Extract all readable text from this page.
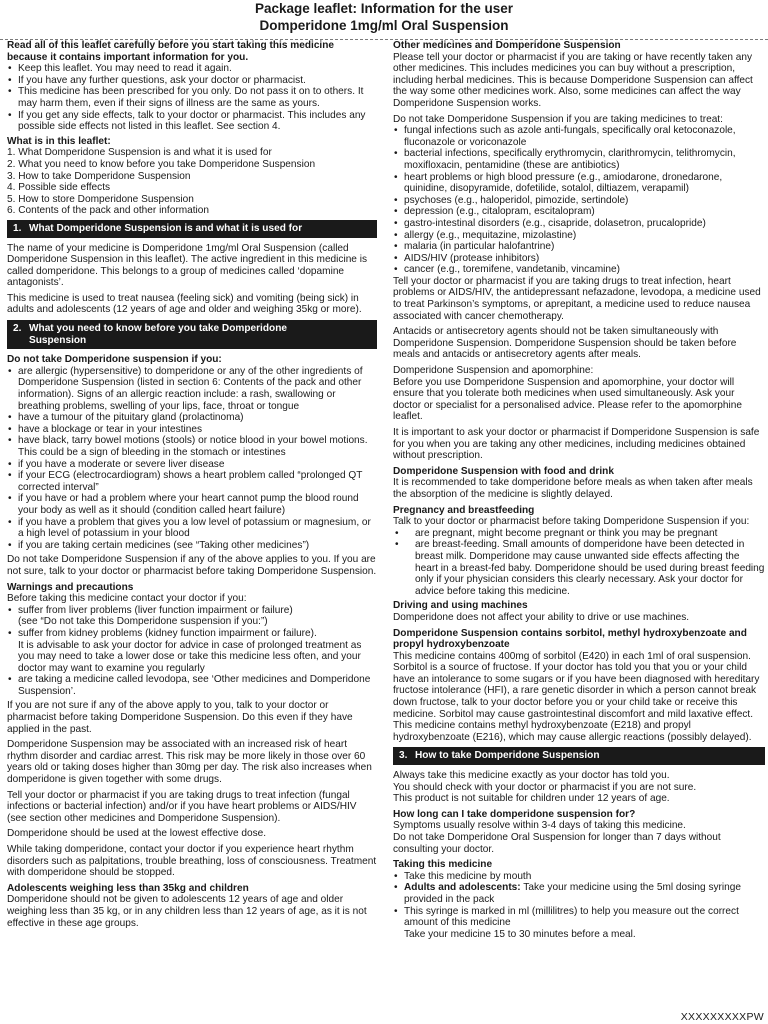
Package leaflet: Information for the user
Domperidone 1mg/ml Oral Suspension

Read all of this leaflet carefully before you start taking this medicine because it contains important information for you.

• Keep this leaflet. You may need to read it again.
• If you have any further questions, ask your doctor or pharmacist.
• This medicine has been prescribed for you only. Do not pass it on to others. It may harm them, even if their signs of illness are the same as yours.
• If you get any side effects, talk to your doctor or pharmacist. This includes any possible side effects not listed in this leaflet. See section 4.
What is in this leaflet:
1. What Domperidone Suspension is and what it is used for
2. What you need to know before you take Domperidone Suspension
3. How to take Domperidone Suspension
4. Possible side effects
5. How to store Domperidone Suspension
6. Contents of the pack and other information
1. What Domperidone Suspension is and what it is used for

The name of your medicine is Domperidone 1mg/ml Oral Suspension (called Domperidone Suspension in this leaflet). The active ingredient in this medicine is called domperidone. This belongs to a group of medicines called ‘dopamine antagonists’.

This medicine is used to treat nausea (feeling sick) and vomiting (being sick) in adults and adolescents (12 years of age and older and weighing 35kg or more).

2. What you need to know before you take Domperidone
Suspension
Do not take Domperidone suspension if you:
• are allergic (hypersensitive) to domperidone or any of the other ingredients of Domperidone Suspension (listed in section 6: Contents of the pack and other information). Signs of an allergic reaction include: a rash, swallowing or breathing problems, swelling of your lips, face, throat or tongue
• have a tumour of the pituitary gland (prolactinoma)
• have a blockage or tear in your intestines
• have black, tarry bowel motions (stools) or notice blood in your bowel motions. This could be a sign of bleeding in the stomach or intestines
• if you have a moderate or severe liver disease
• if your ECG (electrocardiogram) shows a heart problem called “prolonged QT corrected interval”
• if you have or had a problem where your heart cannot pump the blood round your body as well as it should (condition called heart failure)
• if you have a problem that gives you a low level of potassium or magnesium, or a high level of potassium in your blood
• if you are taking certain medicines (see “Taking other medicines”)

Do not take Domperidone Suspension if any of the above applies to you. If you are not sure, talk to your doctor or pharmacist before taking Domperidone Suspension.

Warnings and precautions
Before taking this medicine contact your doctor if you:
• suffer from liver problems (liver function impairment or failure)
(see “Do not take this Domperidone suspension if you:”)
• suffer from kidney problems (kidney function impairment or failure).
It is advisable to ask your doctor for advice in case of prolonged treatment as you may need to take a lower dose or take this medicine less often, and your doctor may want to examine you regularly
• are taking a medicine called levodopa, see ‘Other medicines and Domperidone Suspension’.

If you are not sure if any of the above apply to you, talk to your doctor or pharmacist before taking Domperidone Suspension. Do this even if they have applied in the past.

Domperidone Suspension may be associated with an increased risk of heart rhythm disorder and cardiac arrest. This risk may be more likely in those over 60 years old or taking doses higher than 30mg per day. The risk also increases when domperidone is given together with some drugs.

Tell your doctor or pharmacist if you are taking drugs to treat infection (fungal infections or bacterial infection) and/or if you have heart problems or AIDS/HIV (see section other medicines and Domperidone Suspension).

Domperidone should be used at the lowest effective dose.

While taking domperidone, contact your doctor if you experience heart rhythm disorders such as palpitations, trouble breathing, loss of consciousness. Treatment with domperidone should be stopped.

Adolescents weighing less than 35kg and children

Domperidone should not be given to adolescents 12 years of age and older weighing less than 35 kg, or in any children less than 12 years of age, as it is not effective in these age groups.

Other medicines and Domperidone Suspension

Please tell your doctor or pharmacist if you are taking or have recently taken any other medicines. This includes medicines you can buy without a prescription, including herbal medicines. This is because Domperidone Suspension can affect the way some other medicines work. Also, some medicines can affect the way Domperidone Suspension works.

Do not take Domperidone Suspension if you are taking medicines to treat:
• fungal infections such as azole anti-fungals, specifically oral ketoconazole, fluconazole or voriconazole
• bacterial infections, specifically erythromycin, clarithromycin, telithromycin, moxifloxacin, pentamidine (these are antibiotics)
• heart problems or high blood pressure (e.g., amiodarone, dronedarone, quinidine, disopyramide, dofetilide, sotalol, diltiazem, verapamil)
• psychoses (e.g., haloperidol, pimozide, sertindole)
• depression (e.g., citalopram, escitalopram)
• gastro-intestinal disorders (e.g., cisapride, dolasetron, prucalopride)
• allergy (e.g., mequitazine, mizolastine)
• malaria (in particular halofantrine)
• AIDS/HIV (protease inhibitors)
• cancer (e.g., toremifene, vandetanib, vincamine)

Tell your doctor or pharmacist if you are taking drugs to treat infection, heart problems or AIDS/HIV, the antidepressant nefazadone, levodopa, a medicine used to treat Parkinson’s symptoms, or aprepitant, a medicine used to reduce nausea associated with cancer chemotherapy.

Antacids or antisecretory agents should not be taken simultaneously with Domperidone Suspension. Domperidone Suspension should be taken before meals and antacids or antisecretory agents after meals.

Domperidone Suspension and apomorphine:

Before you use Domperidone Suspension and apomorphine, your doctor will ensure that you tolerate both medicines when used simultaneously. Ask your doctor or specialist for a personalised advice. Please refer to the apomorphine leaflet.

It is important to ask your doctor or pharmacist if Domperidone Suspension is safe for you when you are taking any other medicines, including medicines obtained without prescription.

Domperidone Suspension with food and drink

It is recommended to take domperidone before meals as when taken after meals the absorption of the medicine is slightly delayed.

Pregnancy and breastfeeding
Talk to your doctor or pharmacist before taking Domperidone Suspension if you:
• are pregnant, might become pregnant or think you may be pregnant
• are breast-feeding. Small amounts of domperidone have been detected in breast milk. Domperidone may cause unwanted side effects affecting the heart in a breast-fed baby. Domperidone should be used during breast feeding only if your physician considers this clearly necessary. Ask your doctor for advice before taking this medicine.
Driving and using machines

Domperidone does not affect your ability to drive or use machines.

Domperidone Suspension contains sorbitol, methyl hydroxybenzoate and propyl hydroxybenzoate

This medicine contains 400mg of sorbitol (E420) in each 1ml of oral suspension. Sorbitol is a source of fructose. If your doctor has told you that you or your child have an intolerance to some sugars or if you have been diagnosed with hereditary fructose intolerance (HFI), a rare genetic disorder in which a person cannot break down fructose, talk to your doctor before you or your child take or receive this medicine. Sorbitol may cause gastrointestinal discomfort and mild laxative effect. This medicine contains methyl hydroxybenzoate (E218) and propyl hydroxybenzoate (E216), which may cause allergic reactions (possibly delayed).

3. How to take Domperidone Suspension
Always take this medicine exactly as your doctor has told you.
You should check with your doctor or pharmacist if you are not sure.

This product is not suitable for children under 12 years of age.

How long can I take domperidone suspension for?
Symptoms usually resolve within 3-4 days of taking this medicine.

Do not take Domperidone Oral Suspension for longer than 7 days without consulting your doctor.

Taking this medicine
• Take this medicine by mouth
• Adults and adolescents: Take your medicine using the 5ml dosing syringe provided in the pack
• This syringe is marked in ml (millilitres) to help you measure out the correct amount of this medicine
Take your medicine 15 to 30 minutes before a meal.
XXXXXXXXXPW
